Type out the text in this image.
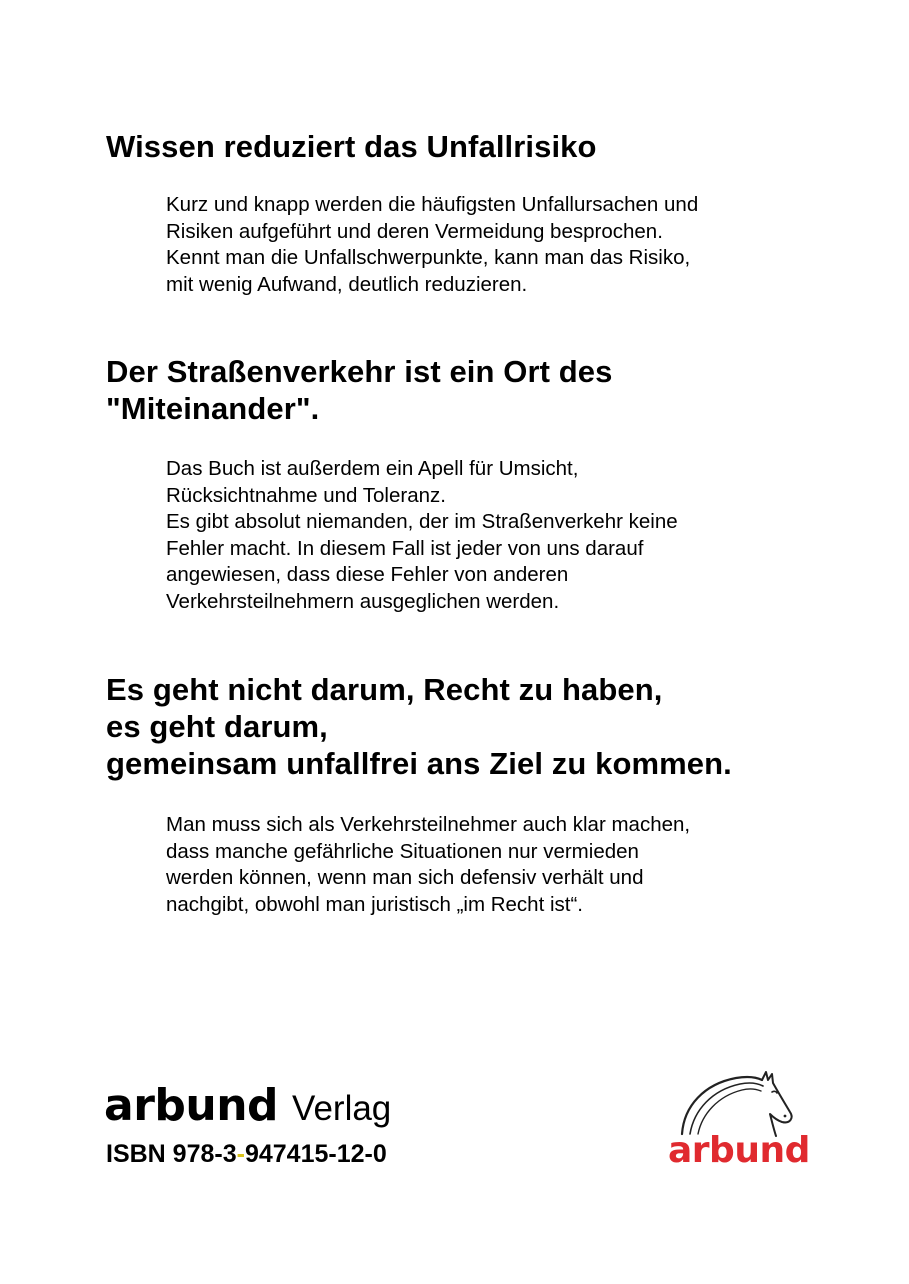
Wissen reduziert das Unfallrisiko
Kurz und knapp werden die häufigsten Unfallursachen und
Risiken aufgeführt und deren Vermeidung besprochen.
Kennt man die Unfallschwerpunkte, kann man das Risiko,
mit wenig Aufwand, deutlich reduzieren.
Der Straßenverkehr ist ein Ort des
"Miteinander".
Das Buch ist außerdem ein Apell für Umsicht,
Rücksichtnahme und Toleranz.
Es gibt absolut niemanden, der im Straßenverkehr keine
Fehler macht. In diesem Fall ist jeder von uns darauf
angewiesen, dass diese Fehler von anderen
Verkehrsteilnehmern ausgeglichen werden.
Es geht nicht darum, Recht zu haben,
es geht darum,
gemeinsam unfallfrei ans Ziel zu kommen.
Man muss sich als Verkehrsteilnehmer auch klar machen,
dass manche gefährliche Situationen nur vermieden
werden können, wenn man sich defensiv verhält und
nachgibt, obwohl man juristisch „im Recht ist“.
arbund Verlag

ISBN 978-3-947415-12-0	arbund
